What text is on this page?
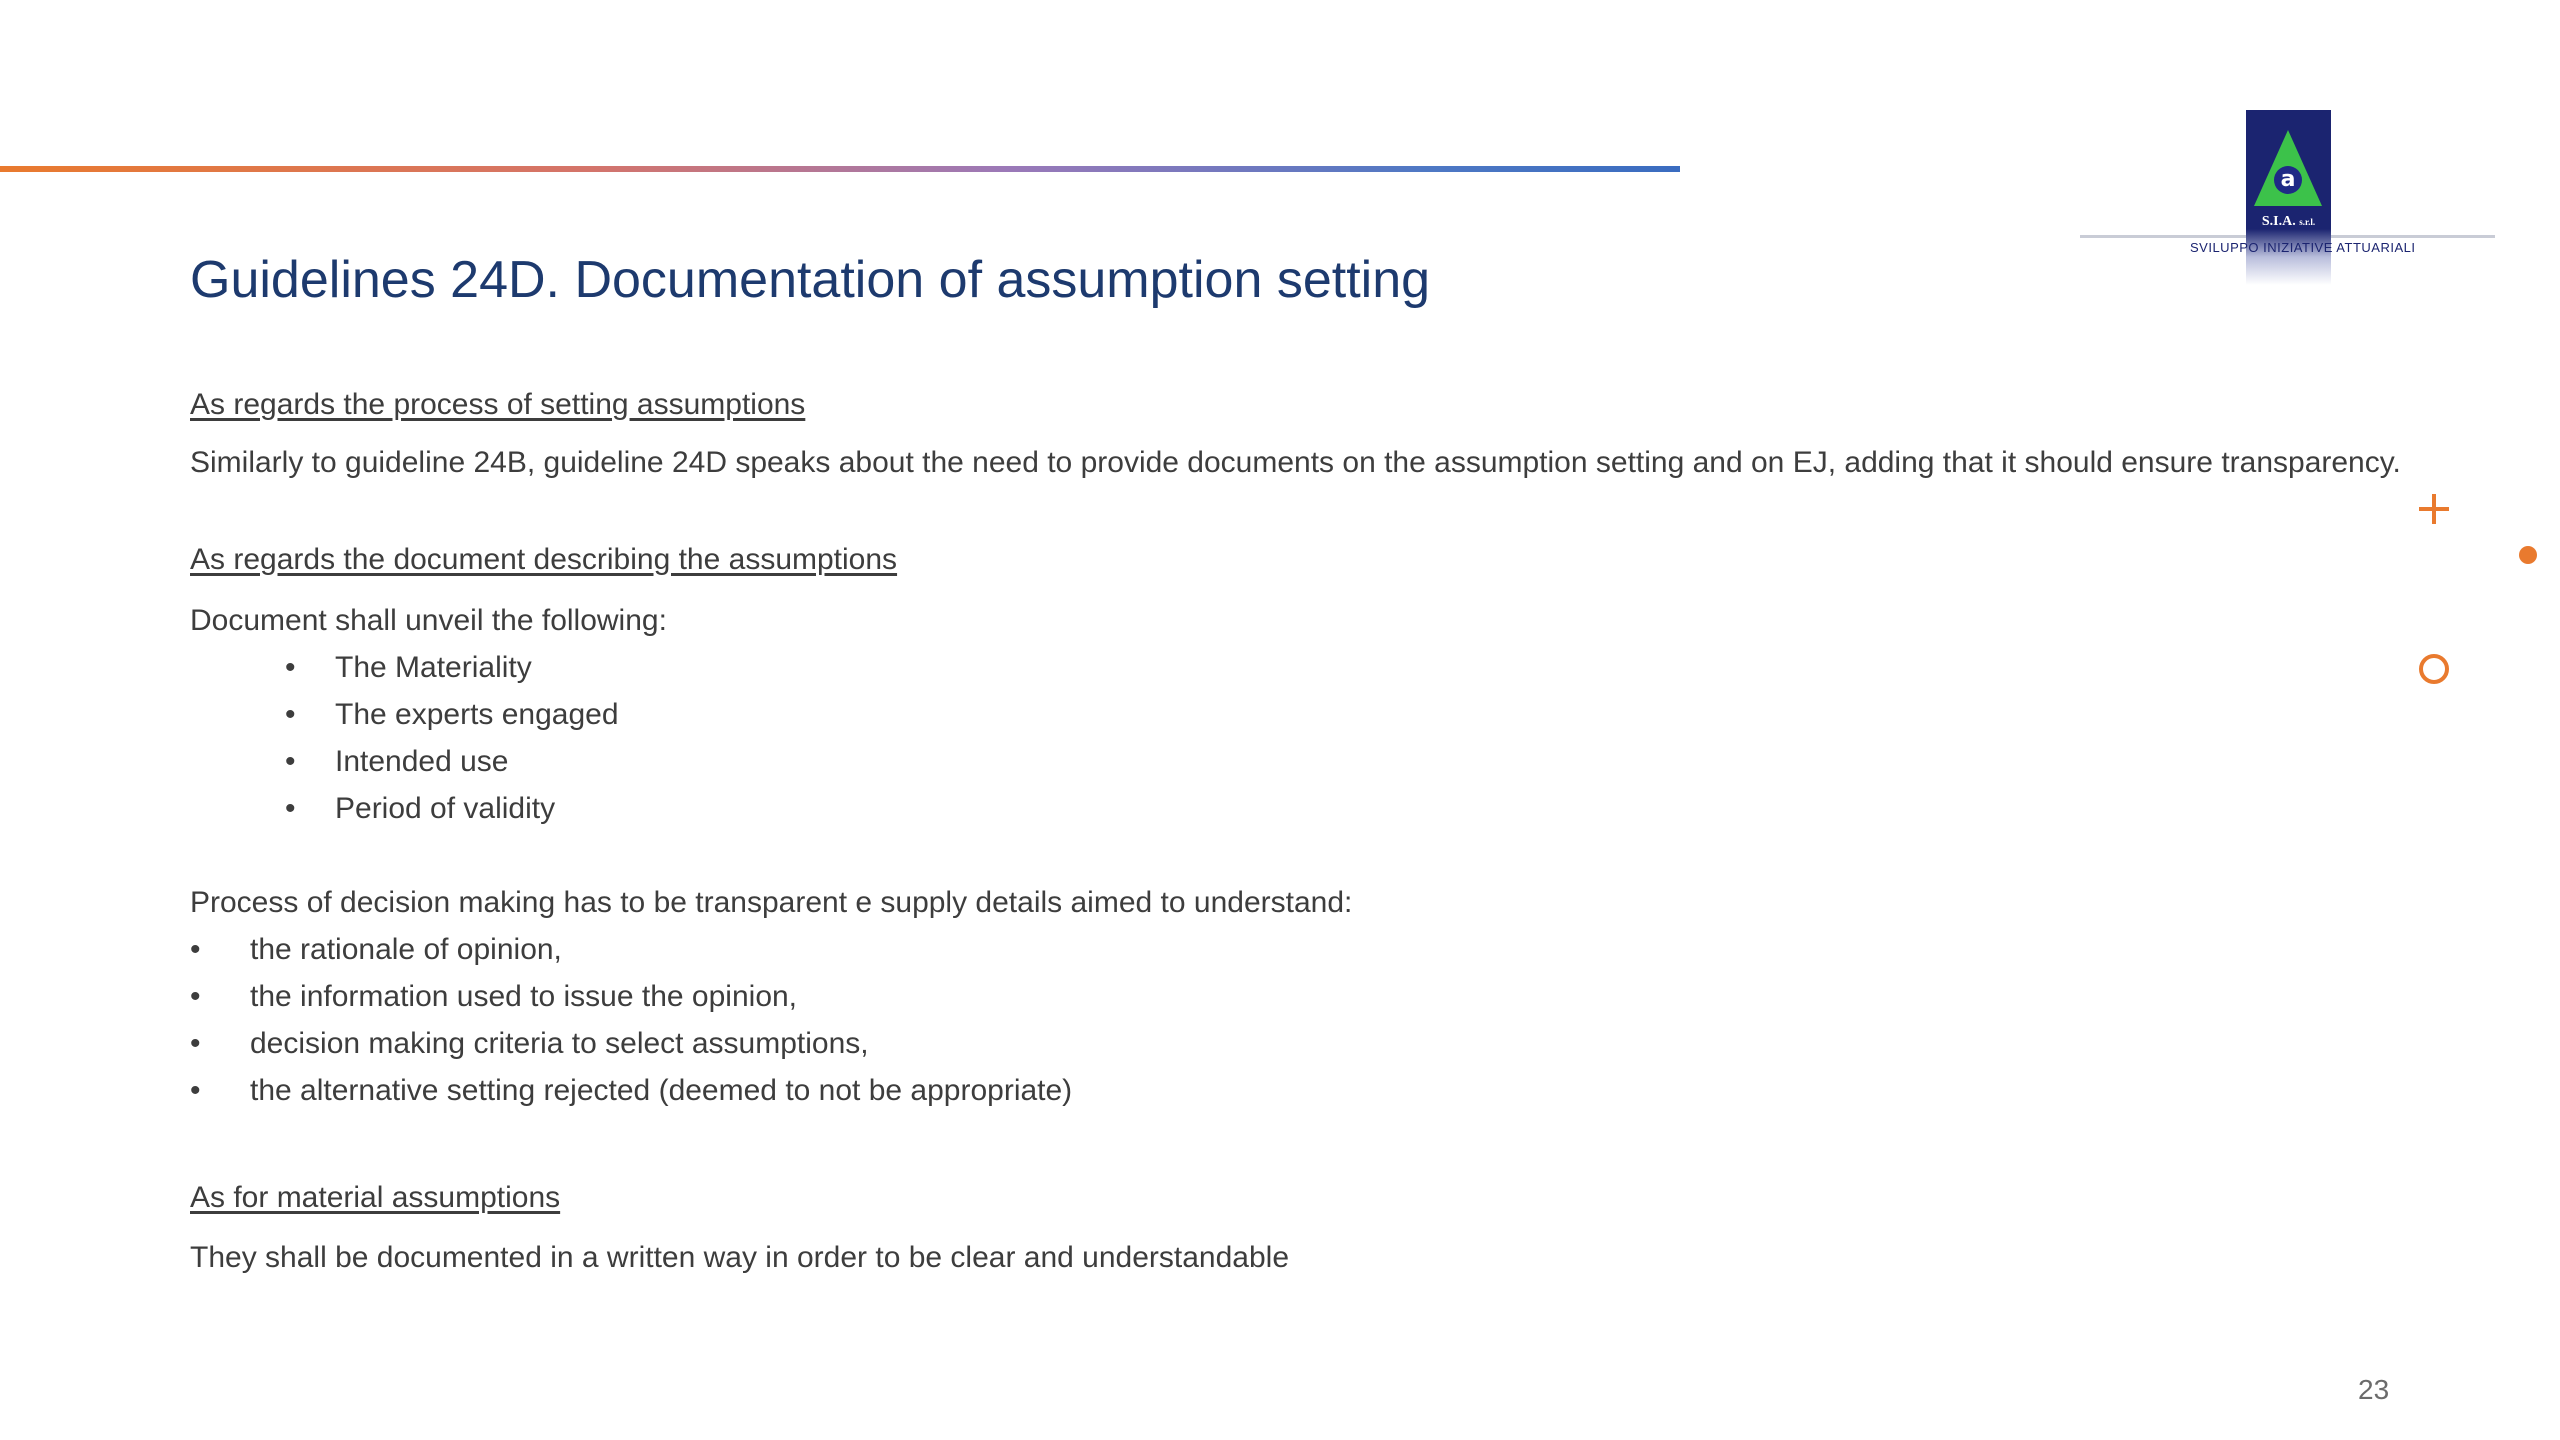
a
S.I.A. s.r.l.
SVILUPPO INIZIATIVE ATTUARIALI
Guidelines 24D. Documentation of assumption setting
As regards the process of setting assumptions
Similarly to guideline 24B, guideline 24D speaks about the need to provide documents on the assumption setting and on EJ, adding that it should ensure transparency.
As regards the document describing the assumptions
Document shall unveil the following:
• The Materiality
• The experts engaged
• Intended use
• Period of validity
Process of decision making has to be transparent e supply details aimed to understand:
• the rationale of opinion,
• the information used to issue the opinion,
• decision making criteria to select assumptions,
• the alternative setting rejected (deemed to not be appropriate)
As for material assumptions
They shall be documented in a written way in order to be clear and understandable
23
